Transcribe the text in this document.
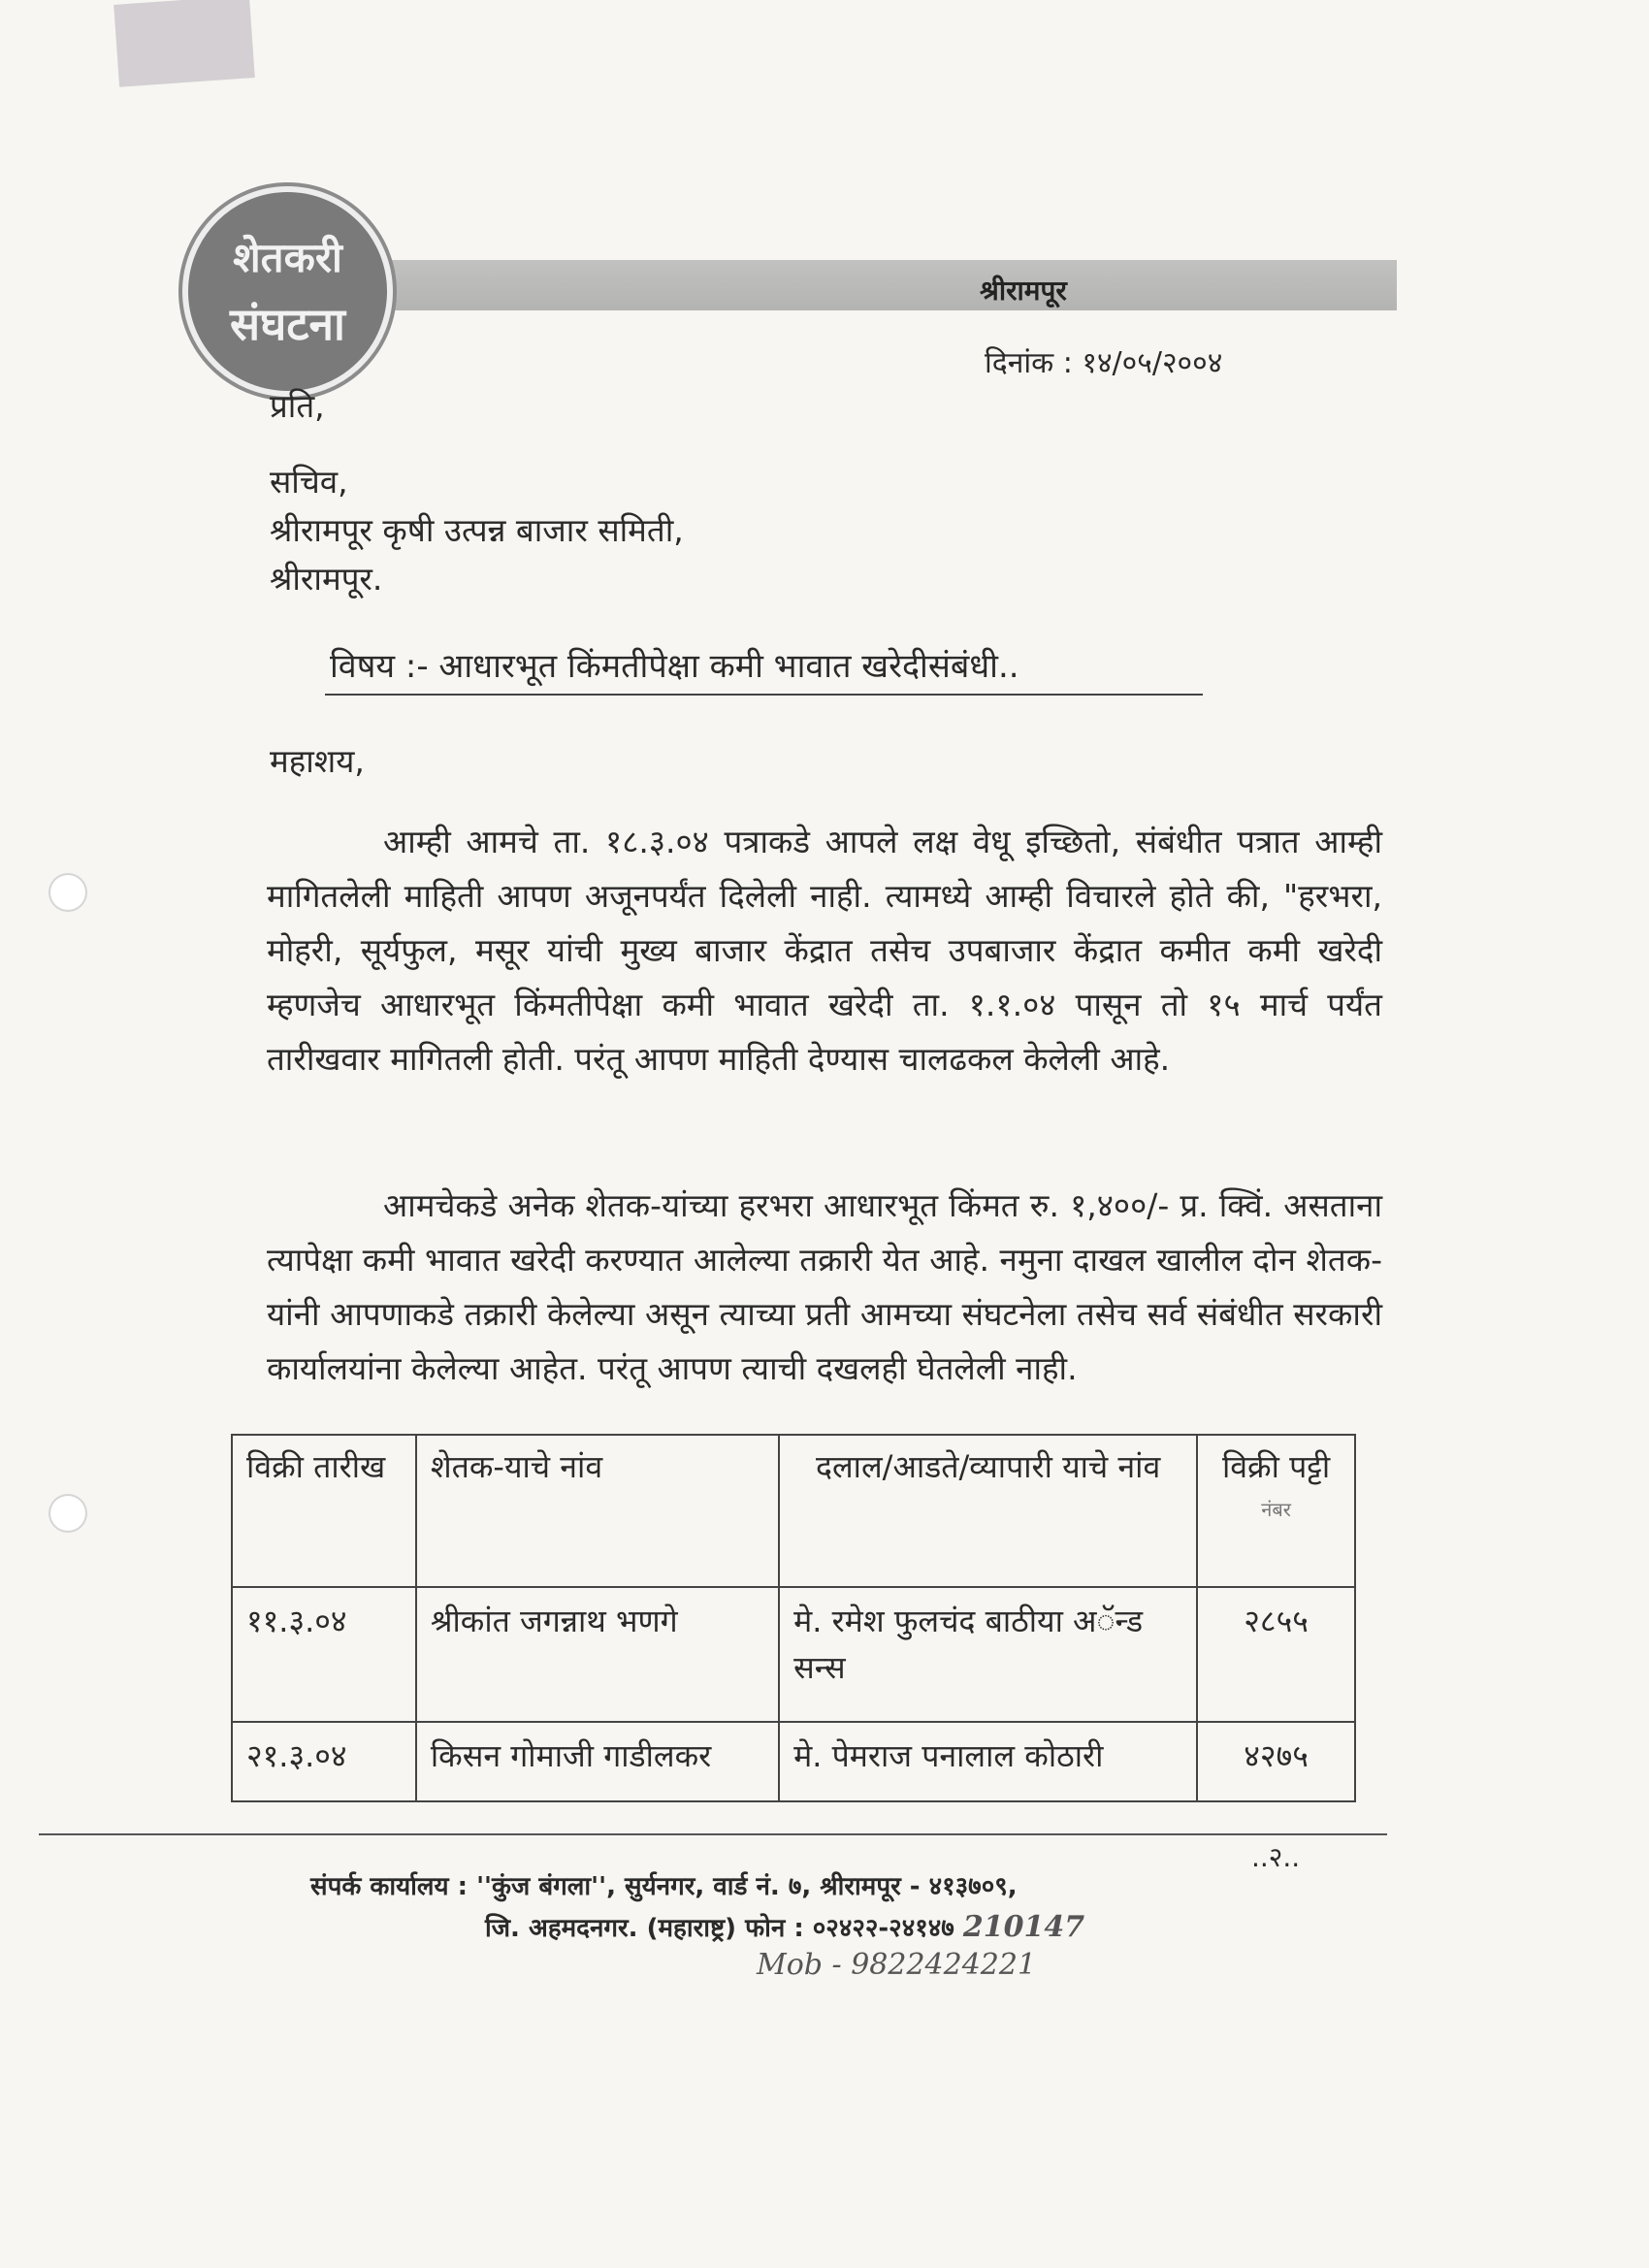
शेतकरी
संघटना
श्रीरामपूर
दिनांक : १४/०५/२००४
प्रति,
सचिव,
श्रीरामपूर कृषी उत्पन्न बाजार समिती,
श्रीरामपूर.
विषय :- आधारभूत किंमतीपेक्षा कमी भावात खरेदीसंबंधी..
महाशय,
आम्ही आमचे ता. १८.३.०४ पत्राकडे आपले लक्ष वेधू इच्छितो, संबंधीत पत्रात आम्ही मागितलेली माहिती आपण अजूनपर्यंत दिलेली नाही. त्यामध्ये आम्ही विचारले होते की, "हरभरा, मोहरी, सूर्यफुल, मसूर यांची मुख्य बाजार केंद्रात तसेच उपबाजार केंद्रात कमीत कमी खरेदी म्हणजेच आधारभूत किंमतीपेक्षा कमी भावात खरेदी ता. १.१.०४ पासून तो १५ मार्च पर्यंत तारीखवार मागितली होती. परंतू आपण माहिती देण्यास चालढकल केलेली आहे.
आमचेकडे अनेक शेतक-यांच्या हरभरा आधारभूत किंमत रु. १,४००/- प्र. क्विं. असताना त्यापेक्षा कमी भावात खरेदी करण्यात आलेल्या तक्रारी येत आहे. नमुना दाखल खालील दोन शेतक-यांनी आपणाकडे तक्रारी केलेल्या असून त्याच्या प्रती आमच्या संघटनेला तसेच सर्व संबंधीत सरकारी कार्यालयांना केलेल्या आहेत. परंतू आपण त्याची दखलही घेतलेली नाही.
विक्री तारीख	शेतक-याचे नांव	दलाल/आडते/व्यापारी याचे नांव	विक्री पट्टी
नंबर

११.३.०४	श्रीकांत जगन्नाथ भणगे	मे. रमेश फुलचंद बाठीया अॅन्ड सन्स	२८५५
२१.३.०४	किसन गोमाजी गाडीलकर	मे. पेमराज पनालाल कोठारी	४२७५
..२..
संपर्क कार्यालय : ''कुंज बंगला'', सुर्यनगर, वार्ड नं. ७, श्रीरामपूर - ४१३७०९,
जि. अहमदनगर. (महाराष्ट्र) फोन : ०२४२२-२४१४७ 210147
Mob - 9822424221
